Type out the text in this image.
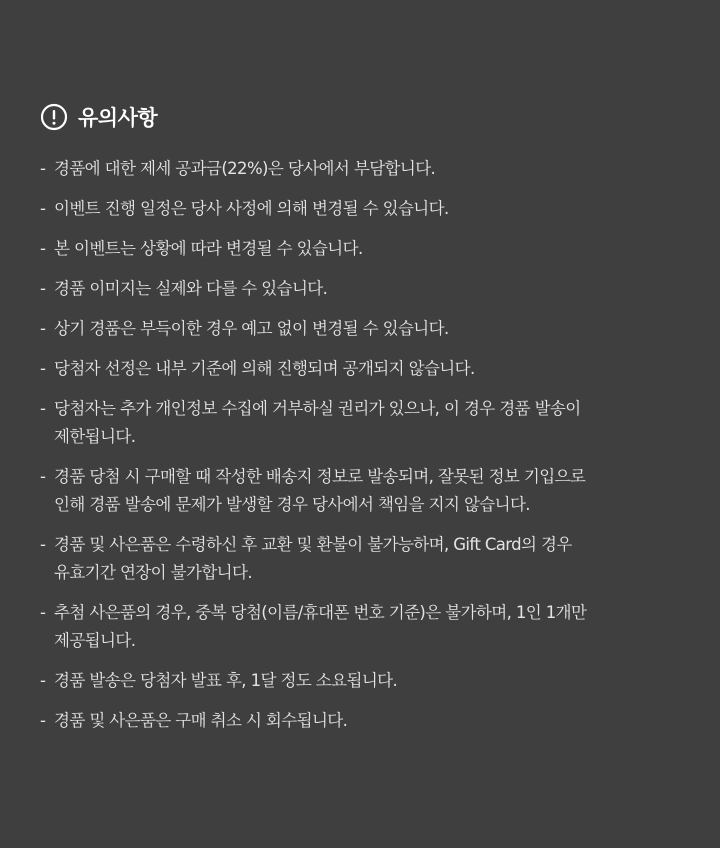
유의사항
- 경품에 대한 제세 공과금(22%)은 당사에서 부담합니다.
- 이벤트 진행 일정은 당사 사정에 의해 변경될 수 있습니다.
- 본 이벤트는 상황에 따라 변경될 수 있습니다.
- 경품 이미지는 실제와 다를 수 있습니다.
- 상기 경품은 부득이한 경우 예고 없이 변경될 수 있습니다.
- 당첨자 선정은 내부 기준에 의해 진행되며 공개되지 않습니다.
- 당첨자는 추가 개인정보 수집에 거부하실 권리가 있으나, 이 경우 경품 발송이
제한됩니다.
- 경품 당첨 시 구매할 때 작성한 배송지 정보로 발송되며, 잘못된 정보 기입으로
인해 경품 발송에 문제가 발생할 경우 당사에서 책임을 지지 않습니다.
- 경품 및 사은품은 수령하신 후 교환 및 환불이 불가능하며, Gift Card의 경우
유효기간 연장이 불가합니다.
- 추첨 사은품의 경우, 중복 당첨(이름/휴대폰 번호 기준)은 불가하며, 1인 1개만
제공됩니다.
- 경품 발송은 당첨자 발표 후, 1달 정도 소요됩니다.
- 경품 및 사은품은 구매 취소 시 회수됩니다.
